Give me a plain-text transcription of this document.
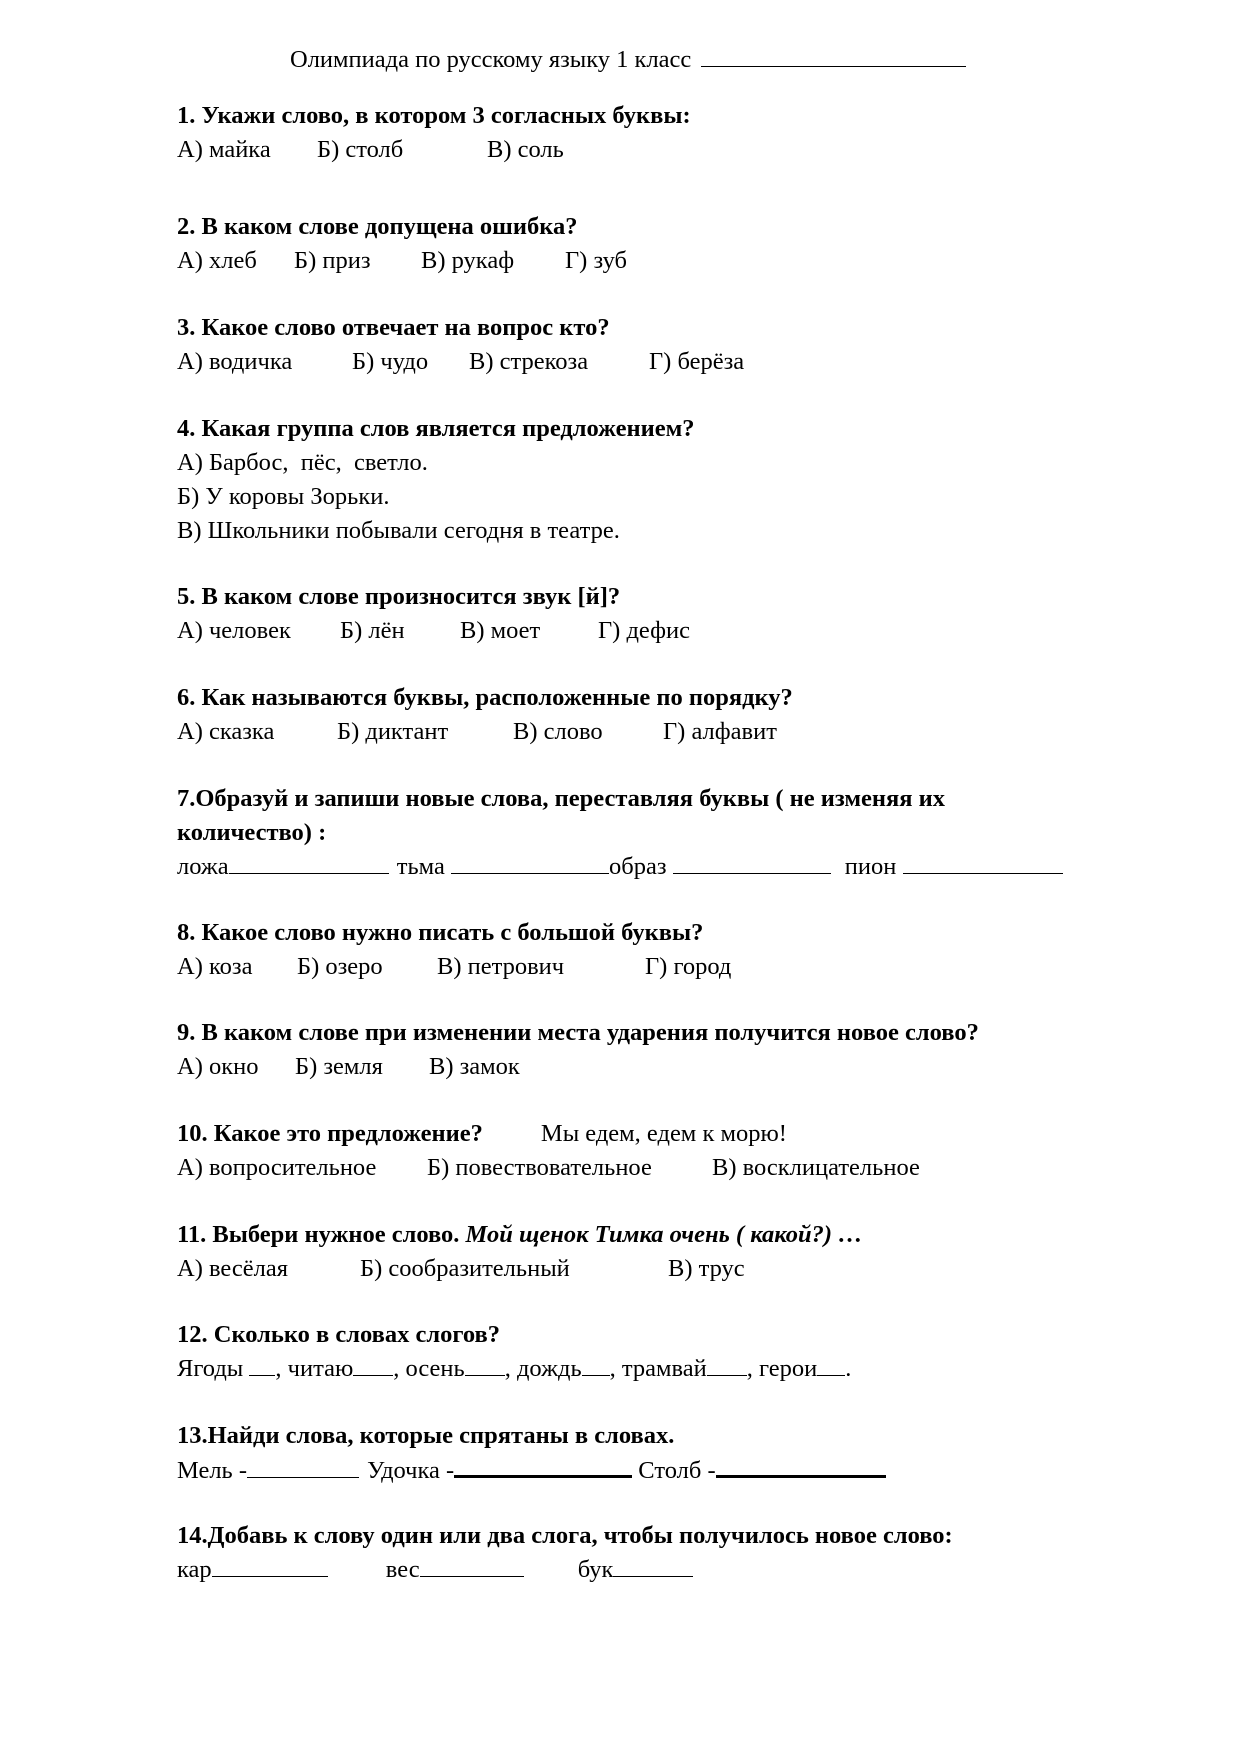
Олимпиада по русскому языку 1 класс
1. Укажи слово, в котором 3 согласных буквы:
А) майка Б) столб	В) соль
2. В каком слове допущена ошибка?
А) хлеб Б) приз В) рукаф Г) зуб
3. Какое слово отвечает на вопрос кто?
А) водичка Б) чудо В) стрекоза Г) берёза
4. Какая группа слов является предложением?
А) Барбос,  пёс,  светло.
Б) У коровы Зорьки.
В) Школьники побывали сегодня в театре.
5. В каком слове произносится звук [й]?
А) человек Б) лён В) моет Г) дефис
6. Как называются буквы, расположенные по порядку?
А) сказка	Б) диктант	В) слово Г) алфавит
7.Образуй и запиши новые слова, переставляя буквы ( не изменяя их
количество) :
ложа	тьма	образ	пион
8. Какое слово нужно писать с большой буквы?
А) коза Б) озеро В) петрович	Г) город
9. В каком слове при изменении места ударения получится новое слово?
А) окно Б) земля В) замок
10. Какое это предложение? Мы едем, едем к морю!
А) вопросительное Б) повествовательное В) восклицательное
11. Выбери нужное слово. Мой щенок Тимка очень ( какой?) …
А) весёлая	Б) сообразительный	В) трус
12. Сколько в словах слогов?
Ягоды , читаю , осень , дождь , трамвай , герои .
13.Найди слова, которые спрятаны в словах.
Мель -	Удочка -	Столб -
14.Добавь к слову один или два слога, чтобы получилось новое слово:
кар	вес	бук
